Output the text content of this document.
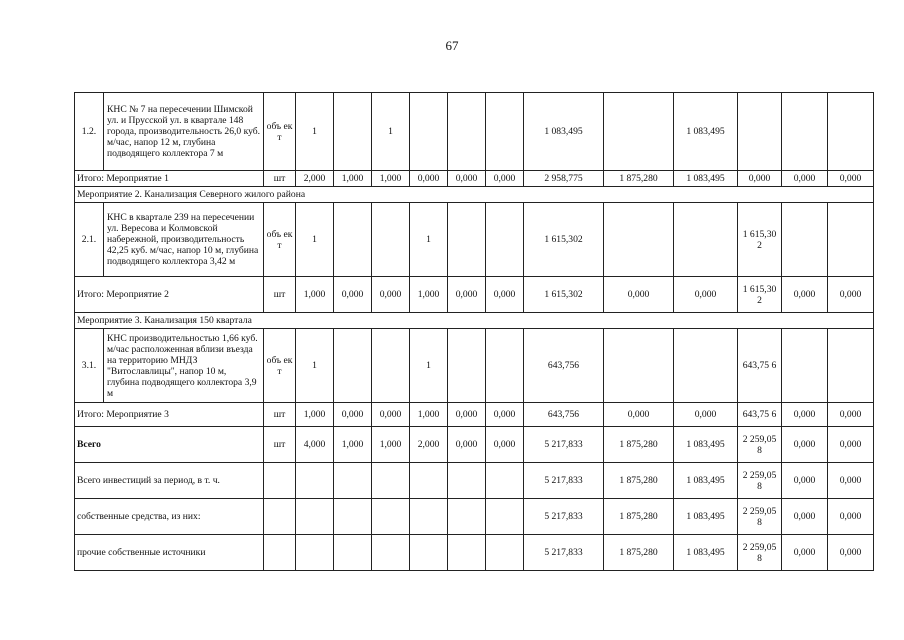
67
1.2.	КНС № 7 на пересечении Шимской ул. и Прусской ул. в квартале 148 города, производительность 26,0 куб. м/час, напор 12 м, глубина подводящего коллектора 7 м	объ ект	1		1				1 083,495		1 083,495			
Итого: Мероприятие 1		шт	2,000	1,000	1,000	0,000	0,000	0,000	2 958,775	1 875,280	1 083,495	0,000	0,000	0,000
Мероприятие 2. Канализация Северного жилого района														
2.1.	КНС в квартале 239 на пересечении ул. Вересова и Колмовской набережной, производительность 42,25 куб. м/час, напор 10 м, глубина подводящего коллектора 3,42 м	объ ект	1			1			1 615,302			1 615,30 2		
Итого: Мероприятие 2		шт	1,000	0,000	0,000	1,000	0,000	0,000	1 615,302	0,000	0,000	1 615,30 2	0,000	0,000
Мероприятие 3. Канализация 150 квартала														
3.1.	КНС производительностью 1,66 куб. м/час расположенная вблизи въезда на территорию МНДЗ "Витославлицы", напор 10 м, глубина подводящего коллектора 3,9 м	объ ект	1			1			643,756			643,75 6		
Итого: Мероприятие 3		шт	1,000	0,000	0,000	1,000	0,000	0,000	643,756	0,000	0,000	643,75 6	0,000	0,000
Всего		шт	4,000	1,000	1,000	2,000	0,000	0,000	5 217,833	1 875,280	1 083,495	2 259,05 8	0,000	0,000
Всего инвестиций за период, в т. ч.									5 217,833	1 875,280	1 083,495	2 259,05 8	0,000	0,000
собственные средства, из них:									5 217,833	1 875,280	1 083,495	2 259,05 8	0,000	0,000
прочие собственные источники									5 217,833	1 875,280	1 083,495	2 259,05 8	0,000	0,000
